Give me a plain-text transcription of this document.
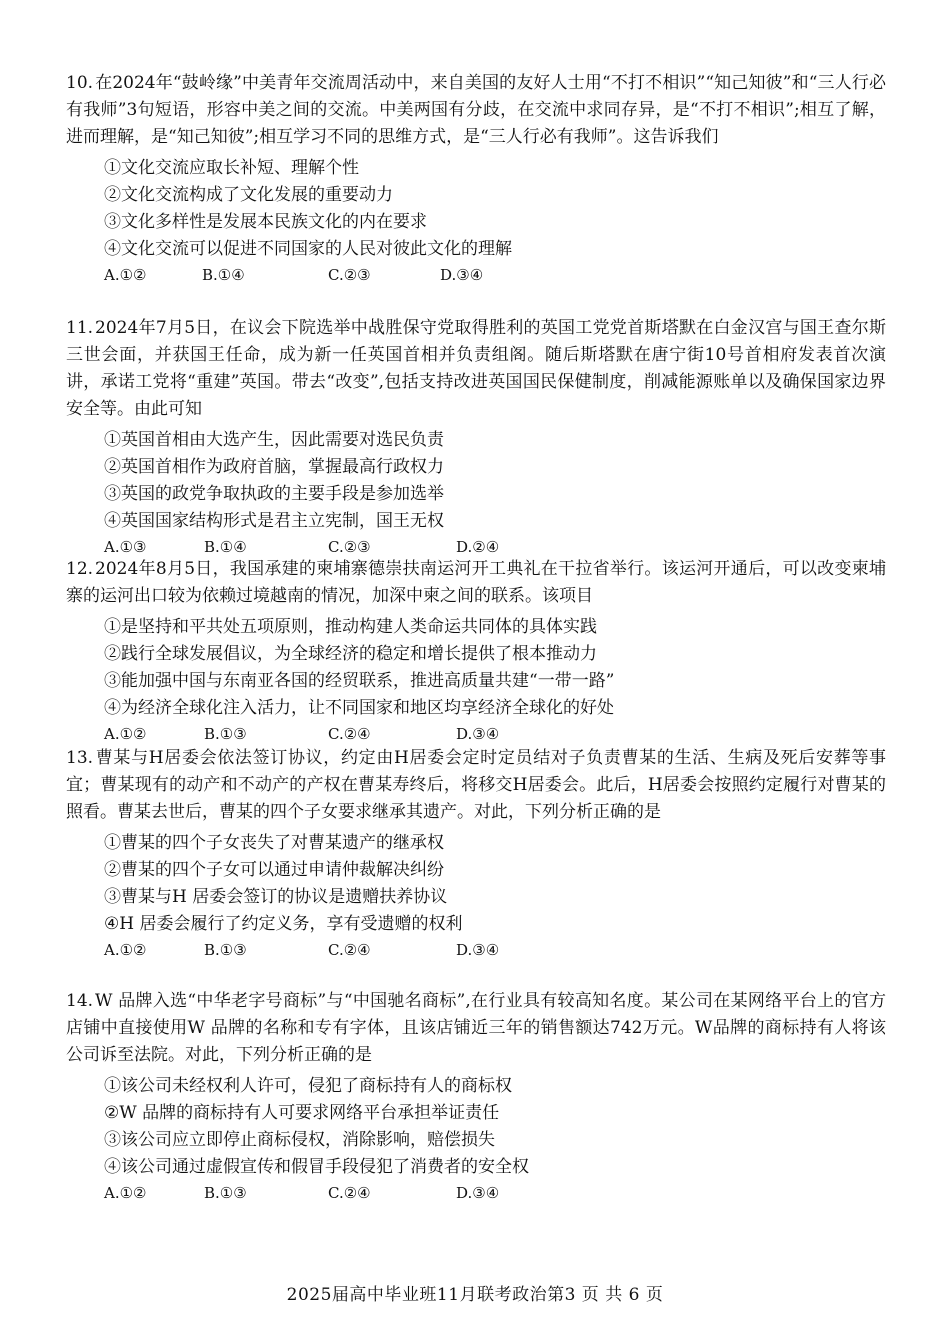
10. 在2024年“鼓岭缘”中美青年交流周活动中，来自美国的友好人士用“不打不相识”“知己知彼”和“三人行必有我师”3句短语，形容中美之间的交流。中美两国有分歧，在交流中求同存异，是“不打不相识”;相互了解，进而理解，是“知己知彼”;相互学习不同的思维方式，是“三人行必有我师”。这告诉我们
①文化交流应取长补短、理解个性
②文化交流构成了文化发展的重要动力
③文化多样性是发展本民族文化的内在要求
④文化交流可以促进不同国家的人民对彼此文化的理解
A.①②	B.①④	C.②③	D.③④
11. 2024年7月5日，在议会下院选举中战胜保守党取得胜利的英国工党党首斯塔默在白金汉宫与国王查尔斯三世会面，并获国王任命，成为新一任英国首相并负责组阁。随后斯塔默在唐宁街10号首相府发表首次演讲，承诺工党将“重建”英国。带去“改变”,包括支持改进英国国民保健制度，削减能源账单以及确保国家边界安全等。由此可知
①英国首相由大选产生，因此需要对选民负责
②英国首相作为政府首脑，掌握最高行政权力
③英国的政党争取执政的主要手段是参加选举
④英国国家结构形式是君主立宪制，国王无权
A.①③	B.①④	C.②③	D.②④
12. 2024年8月5日，我国承建的柬埔寨德崇扶南运河开工典礼在干拉省举行。该运河开通后，可以改变柬埔寨的运河出口较为依赖过境越南的情况，加深中柬之间的联系。该项目
①是坚持和平共处五项原则，推动构建人类命运共同体的具体实践
②践行全球发展倡议，为全球经济的稳定和增长提供了根本推动力
③能加强中国与东南亚各国的经贸联系，推进高质量共建“一带一路”
④为经济全球化注入活力，让不同国家和地区均享经济全球化的好处
A.①②	B.①③	C.②④	D.③④
13. 曹某与H居委会依法签订协议，约定由H居委会定时定员结对子负责曹某的生活、生病及死后安葬等事宜；曹某现有的动产和不动产的产权在曹某寿终后，将移交H居委会。此后，H居委会按照约定履行对曹某的照看。曹某去世后，曹某的四个子女要求继承其遗产。对此，下列分析正确的是
①曹某的四个子女丧失了对曹某遗产的继承权
②曹某的四个子女可以通过申请仲裁解决纠纷
③曹某与H 居委会签订的协议是遗赠扶养协议
④H 居委会履行了约定义务，享有受遗赠的权利
A.①②	B.①③	C.②④	D.③④
14. W 品牌入选“中华老字号商标”与“中国驰名商标”,在行业具有较高知名度。某公司在某网络平台上的官方店铺中直接使用W 品牌的名称和专有字体，且该店铺近三年的销售额达742万元。W品牌的商标持有人将该公司诉至法院。对此，下列分析正确的是
①该公司未经权利人许可，侵犯了商标持有人的商标权
②W 品牌的商标持有人可要求网络平台承担举证责任
③该公司应立即停止商标侵权，消除影响，赔偿损失
④该公司通过虚假宣传和假冒手段侵犯了消费者的安全权
A.①②	B.①③	C.②④	D.③④
2025届高中毕业班11月联考政治第3 页 共 6 页
